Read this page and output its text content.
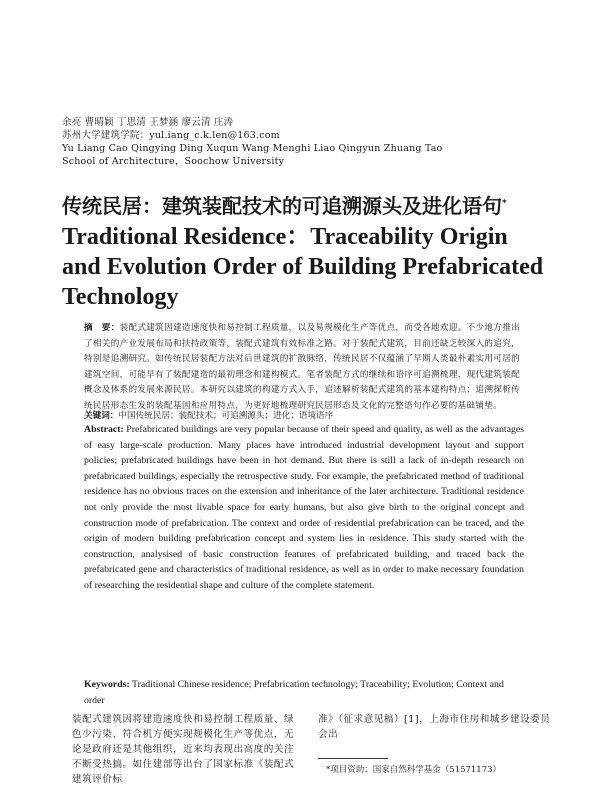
余亮 曹晴颖 丁思清 王梦涵 廖云清 庄涛
苏州大学建筑学院：yul.iang_c.k.len@163.com
Yu Liang Cao Qingying Ding Xuqun Wang Menghi Liao Qingyun Zhuang Tao
School of Architecture，Soochow University
传统民居：建筑装配技术的可追溯源头及进化语句*
Traditional Residence：Traceability Origin and Evolution Order of Building Prefabricated Technology
摘　要：装配式建筑因建造速度快和易控制工程质量，以及易规模化生产等优点，而受各地欢迎。不少地方推出了相关的产业发展布局和扶持政策等，装配式建筑有效标准之路。对于装配式建筑，目前还缺乏较深入的追究，特别是追溯研究。如传统民居装配方法对后世建筑的扩散脉络，传统民居不仅蕴涵了早期人类最朴素实用可居的建筑空间，可能早有了装配建造的最初理念和建构模式。笔者装配方式的继续和语序可追溯梳理，现代建筑装配概念及体系的发展来源民居。本研究以建筑的构建方式入手，追述解析装配式建筑的基本建构特点；追溯探析传统民居形态生发的装配基因和应用特点，为更好地梳理研究民居形态及文化的完整语句作必要的基础铺垫。
关键词：中国传统民居；装配技术；可追溯源头；进化；语境语序
Abstract: Prefabricated buildings are very popular because of their speed and quality, as well as the advantages of easy large-scale production. Many places have introduced industrial development layout and support policies; prefabricated buildings have been in hot demand. But there is still a lack of in-depth research on prefabricated buildings, especially the retrospective study. For example, the prefabricated method of traditional residence has no obvious traces on the extension and inheritance of the later architecture. Traditional residence not only provide the most livable space for early humans, but also give birth to the original concept and construction mode of prefabrication. The context and order of residential prefabrication can be traced, and the origin of modern building prefabrication concept and system lies in residence. This study started with the construction, analysised of basic construction features of prefabricated building, and traced back the prefabricated gene and characteristics of traditional residence, as well as in order to make necessary foundation of researching the residential shape and culture of the complete statement.
Keywords: Traditional Chinese residence; Prefabrication technology; Traceability; Evolution; Context and order
装配式建筑因将建造速度快和易控制工程质量、绿色少污染、符合机方便实现规模化生产等优点，无论是政府还是其他组织，近来均表现出高度的关注不断受热搞。如住建部等出台了国家标准《装配式建筑评价标
准》（征求意见稿）[1]，上海市住房和城乡建设委员会出
*项目资助：国家自然科学基金（51571173）
